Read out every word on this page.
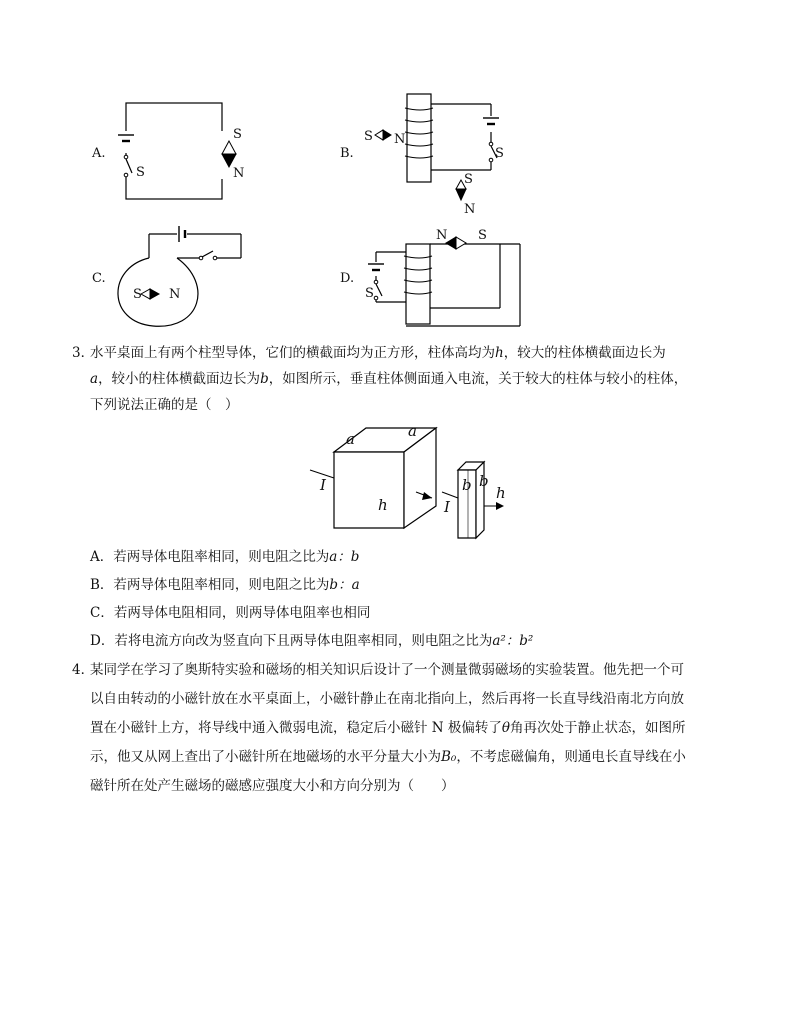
A.
S
S
N
B.
S N
S
S
N
C.
S N
D.
S
N S
3．
水平桌面上有两个柱型导体，它们的横截面均为正方形，柱体高均为h，较大的柱体横截面边长为
a，较小的柱体横截面边长为b，如图所示，垂直柱体侧面通入电流，关于较大的柱体与较小的柱体，
下列说法正确的是（　）
a	a
h
I
I
b b
h
A．若两导体电阻率相同，则电阻之比为a：b
B．若两导体电阻率相同，则电阻之比为b：a
C．若两导体电阻相同，则两导体电阻率也相同
D．若将电流方向改为竖直向下且两导体电阻率相同，则电阻之比为a²：b²
4．
某同学在学习了奥斯特实验和磁场的相关知识后设计了一个测量微弱磁场的实验装置。他先把一个可
以自由转动的小磁针放在水平桌面上，小磁针静止在南北指向上，然后再将一长直导线沿南北方向放
置在小磁针上方，将导线中通入微弱电流，稳定后小磁针 N 极偏转了θ角再次处于静止状态，如图所
示，他又从网上查出了小磁针所在地磁场的水平分量大小为B₀，不考虑磁偏角，则通电长直导线在小
磁针所在处产生磁场的磁感应强度大小和方向分别为（　　）
